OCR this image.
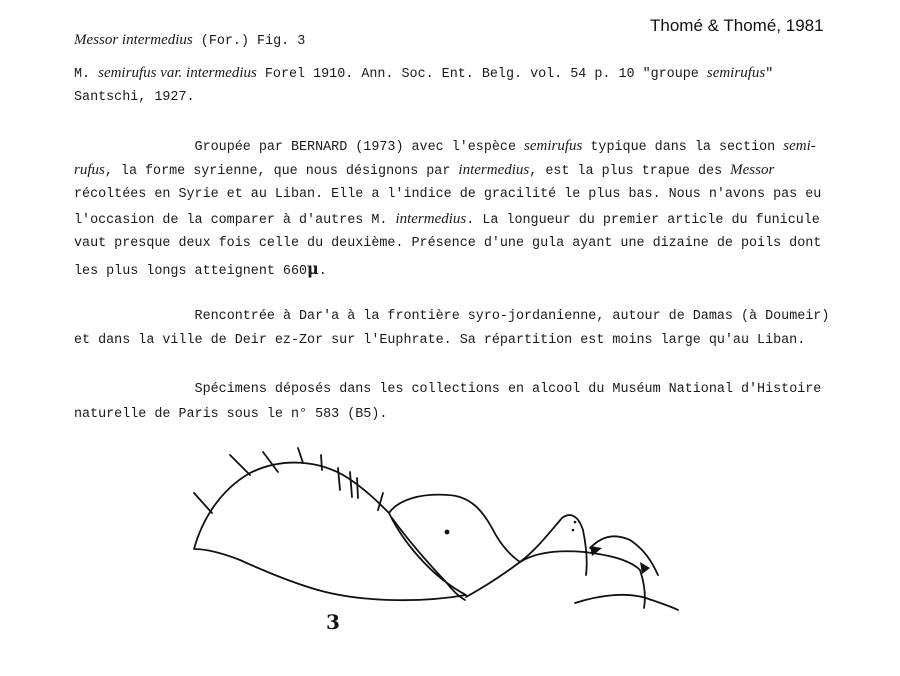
Thomé & Thomé, 1981
Messor intermedius (For.) Fig. 3
M. semirufus var. intermedius Forel 1910. Ann. Soc. Ent. Belg. vol. 54 p. 10 "groupe semirufus"
Santschi, 1927.
Groupée par BERNARD (1973) avec l'espèce semirufus typique dans la section semi-
rufus, la forme syrienne, que nous désignons par intermedius, est la plus trapue des Messor
récoltées en Syrie et au Liban. Elle a l'indice de gracilité le plus bas. Nous n'avons pas eu
l'occasion de la comparer à d'autres M. intermedius. La longueur du premier article du funicule
vaut presque deux fois celle du deuxième. Présence d'une gula ayant une dizaine de poils dont
les plus longs atteignent 660μ.
Rencontrée à Dar'a à la frontière syro-jordanienne, autour de Damas (à Doumeir)
et dans la ville de Deir ez-Zor sur l'Euphrate. Sa répartition est moins large qu'au Liban.
Spécimens déposés dans les collections en alcool du Muséum National d'Histoire
naturelle de Paris sous le n° 583 (B5).
3
